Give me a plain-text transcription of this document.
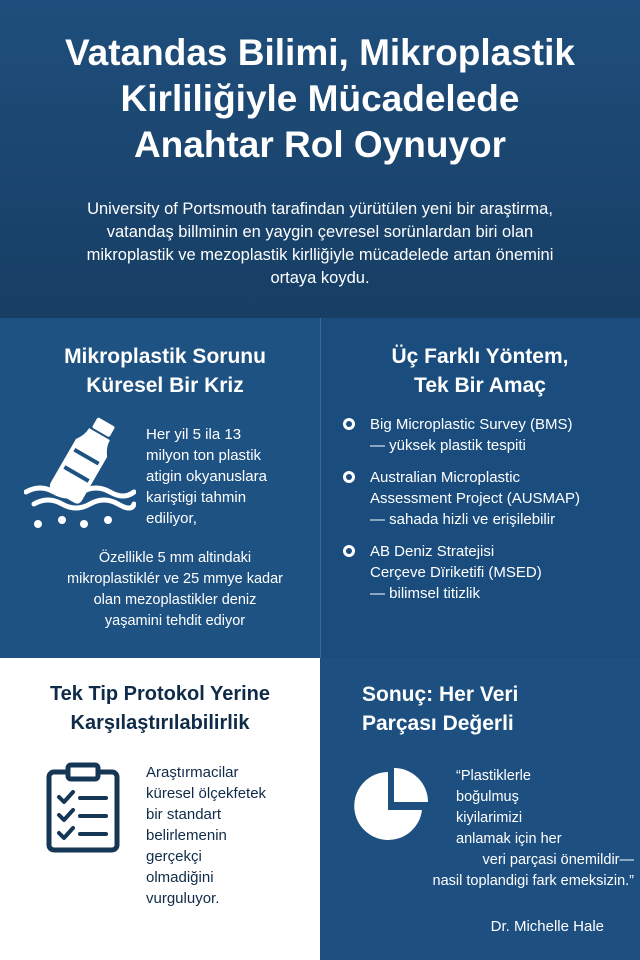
Vatandas Bilimi, Mikroplastik
Kirliliğiyle Mücadelede
Anahtar Rol Oynuyor
University of Portsmouth tarafindan yürütülen yeni bir araştirma,
vatandaş billminin en yaygin çevresel sorünlardan biri olan
mikroplastik ve mezoplastik kirlliğiyle mücadelede artan önemini
ortaya koydu.
Mikroplastik Sorunu
Küresel Bir Kriz
Her yil 5 ila 13
milyon ton plastik
atigin okyanuslara
kariştigi tahmin
ediliyor,
Özellikle 5 mm altindaki
mikroplastiklér ve 25 mmye kadar
olan mezoplastikler deniz
yaşamini tehdit ediyor
Üç Farklı Yöntem,
Tek Bir Amaç
Big Microplastic Survey (BMS)
— yüksek plastik tespiti
Australian Microplastic
Assessment Project (AUSMAP)
— sahada hizli ve erişilebilir
AB Deniz Stratejisi
Cerçeve Dïriketifi (MSED)
— bilimsel titizlik
Tek Tip Protokol Yerine
Karşılaştırılabilirlik
Araştırmacilar
küresel ölçekfetek
bir standart
belirlemenin
gerçekçi
olmadiğini
vurguluyor.
Sonuç: Her Veri
Parçası Değerli
“Plastiklerle
boğulmuş
kiyilarimizi
anlamak için her
veri parçasi önemildir—
nasil toplandigi fark emeksizin.”
Dr. Michelle Hale
